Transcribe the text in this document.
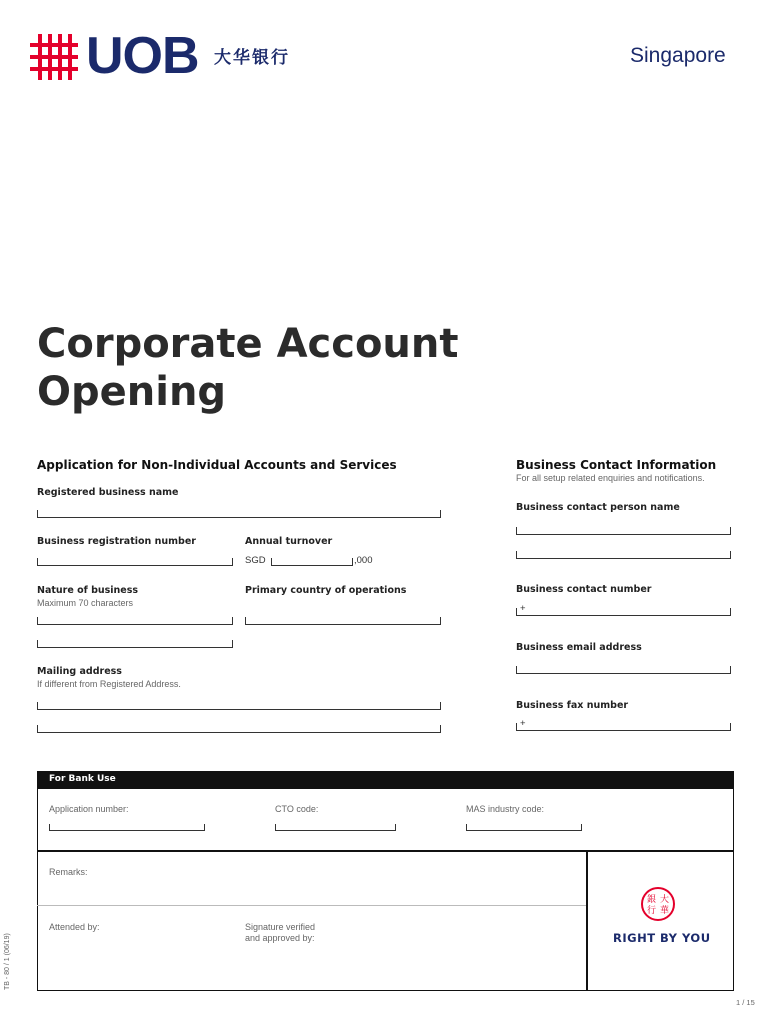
UOB 大华银行	Singapore
Corporate Account
Opening
Application for Non-Individual Accounts and Services
Registered business name
Business registration number	Annual turnover
SGD	,000
Nature of business
Maximum 70 characters
Primary country of operations
Mailing address
If different from Registered Address.
Business Contact Information
For all setup related enquiries and notifications.
Business contact person name
Business contact number
+
Business email address
Business fax number
+
For Bank Use
Application number:	CTO code:	MAS industry code:
Remarks:
Attended by:	Signature verified
and approved by:
銀 大
行 華
RIGHT BY YOU
TB - 80 / 1 (06/19)
1 / 15
